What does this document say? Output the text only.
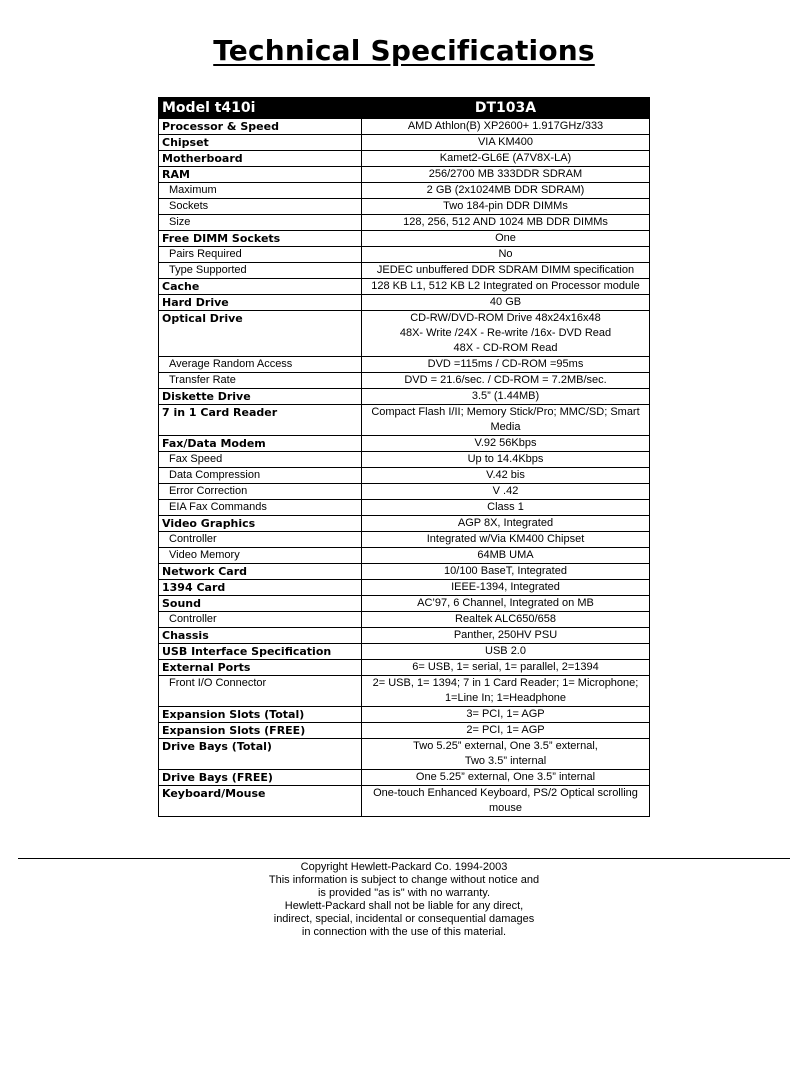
Technical Specifications
Model t410i	DT103A
Processor & Speed	AMD Athlon(B) XP2600+ 1.917GHz/333
Chipset	VIA KM400
Motherboard	Kamet2-GL6E (A7V8X-LA)
RAM	256/2700 MB 333DDR SDRAM
Maximum	2 GB (2x1024MB DDR SDRAM)
Sockets	Two 184-pin DDR DIMMs
Size	128, 256, 512 AND 1024 MB DDR DIMMs
Free DIMM Sockets	One
Pairs Required	No
Type Supported	JEDEC unbuffered DDR SDRAM DIMM specification
Cache	128 KB L1, 512 KB L2 Integrated on Processor module
Hard Drive	40 GB
Optical Drive	CD-RW/DVD-ROM Drive 48x24x16x48
48X- Write /24X - Re-write /16x- DVD Read
48X - CD-ROM Read
Average Random Access	DVD =115ms / CD-ROM =95ms
Transfer Rate	DVD = 21.6/sec. / CD-ROM = 7.2MB/sec.
Diskette Drive	3.5” (1.44MB)
7 in 1 Card Reader	Compact Flash I/II; Memory Stick/Pro; MMC/SD; Smart
Media
Fax/Data Modem	V.92 56Kbps
Fax Speed	Up to 14.4Kbps
Data Compression	V.42 bis
Error Correction	V .42
EIA Fax Commands	Class 1
Video Graphics	AGP 8X, Integrated
Controller	Integrated w/Via KM400 Chipset
Video Memory	64MB UMA
Network Card	10/100 BaseT, Integrated
1394 Card	IEEE-1394, Integrated
Sound	AC’97, 6 Channel, Integrated on MB
Controller	Realtek ALC650/658
Chassis	Panther, 250HV PSU
USB Interface Specification	USB 2.0
External Ports	6= USB, 1= serial, 1= parallel, 2=1394
Front I/O Connector	2= USB, 1= 1394; 7 in 1 Card Reader; 1= Microphone;
1=Line In; 1=Headphone
Expansion Slots (Total)	3= PCI, 1= AGP
Expansion Slots (FREE)	2= PCI, 1= AGP
Drive Bays (Total)	Two 5.25” external, One 3.5” external,
Two 3.5” internal
Drive Bays (FREE)	One 5.25” external, One 3.5” internal
Keyboard/Mouse	One-touch Enhanced Keyboard, PS/2 Optical scrolling
mouse
Copyright Hewlett-Packard Co. 1994-2003
This information is subject to change without notice and
is provided "as is" with no warranty.
Hewlett-Packard shall not be liable for any direct,
indirect, special, incidental or consequential damages
in connection with the use of this material.
